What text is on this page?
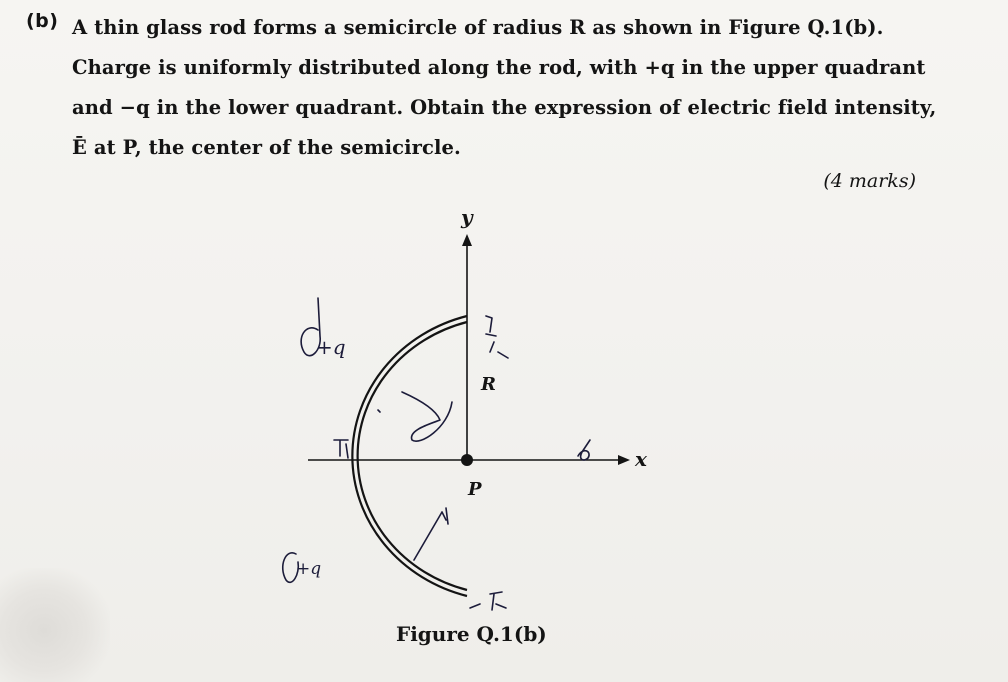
(b) A thin glass rod forms a semicircle of radius R as shown in Figure Q.1(b).
Charge is uniformly distributed along the rod, with +q in the upper quadrant
and −q in the lower quadrant. Obtain the expression of electric field intensity,
Ē at P, the center of the semicircle.
(4 marks)
y
x
P
R
+q
+q
Figure Q.1(b)
